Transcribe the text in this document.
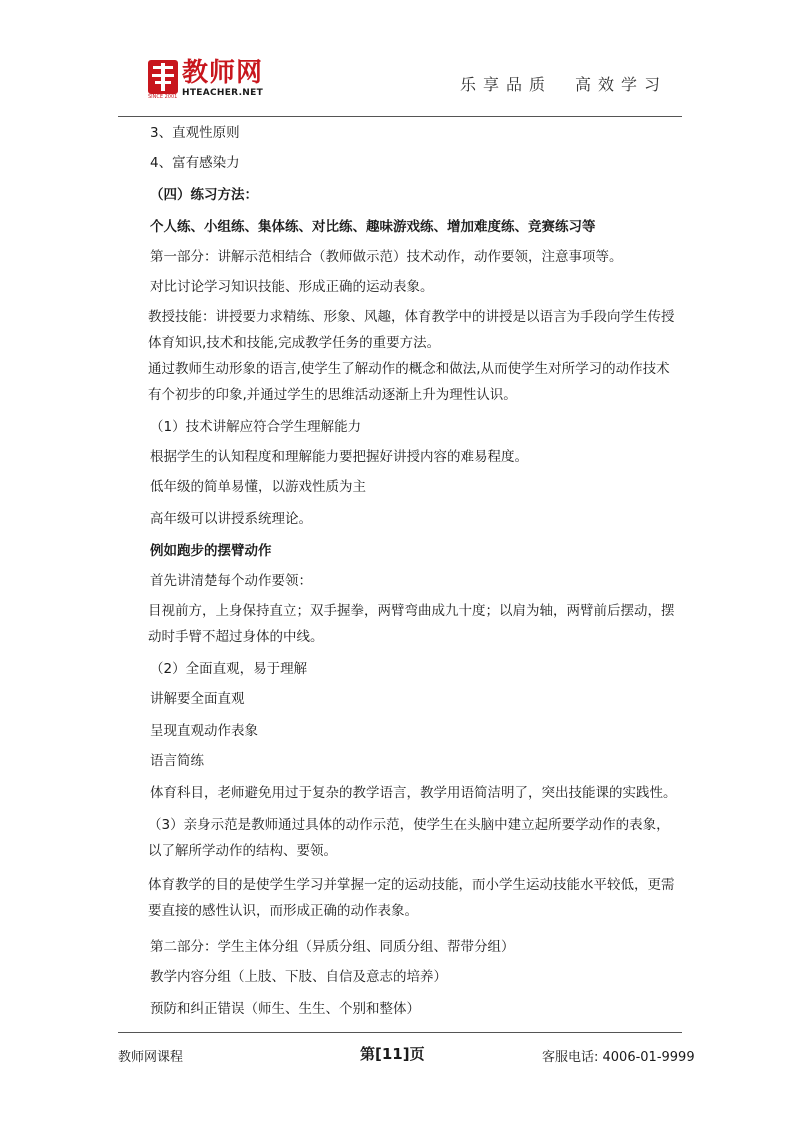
教师网
SINCE 2001 HTEACHER.NET	乐享品质　高效学习

3、直观性原则

4、富有感染力

（四）练习方法：

个人练、小组练、集体练、对比练、趣味游戏练、增加难度练、竞赛练习等

第一部分：讲解示范相结合（教师做示范）技术动作，动作要领，注意事项等。

对比讨论学习知识技能、形成正确的运动表象。

教授技能：讲授要力求精练、形象、风趣，体育教学中的讲授是以语言为手段向学生传授体育知识,技术和技能,完成教学任务的重要方法。

通过教师生动形象的语言,使学生了解动作的概念和做法,从而使学生对所学习的动作技术有个初步的印象,并通过学生的思维活动逐渐上升为理性认识。

（1）技术讲解应符合学生理解能力

根据学生的认知程度和理解能力要把握好讲授内容的难易程度。

低年级的简单易懂，以游戏性质为主

高年级可以讲授系统理论。

例如跑步的摆臂动作

首先讲清楚每个动作要领：

目视前方，上身保持直立；双手握拳，两臂弯曲成九十度；以肩为轴，两臂前后摆动，摆动时手臂不超过身体的中线。

（2）全面直观，易于理解

讲解要全面直观

呈现直观动作表象

语言简练

体育科目，老师避免用过于复杂的教学语言，教学用语简洁明了，突出技能课的实践性。

（3）亲身示范是教师通过具体的动作示范，使学生在头脑中建立起所要学动作的表象，以了解所学动作的结构、要领。

体育教学的目的是使学生学习并掌握一定的运动技能，而小学生运动技能水平较低，更需要直接的感性认识，而形成正确的动作表象。

第二部分：学生主体分组（异质分组、同质分组、帮带分组）

教学内容分组（上肢、下肢、自信及意志的培养）

预防和纠正错误（师生、生生、个别和整体）

教师网课程	第[11]页	客服电话: 4006-01-9999
